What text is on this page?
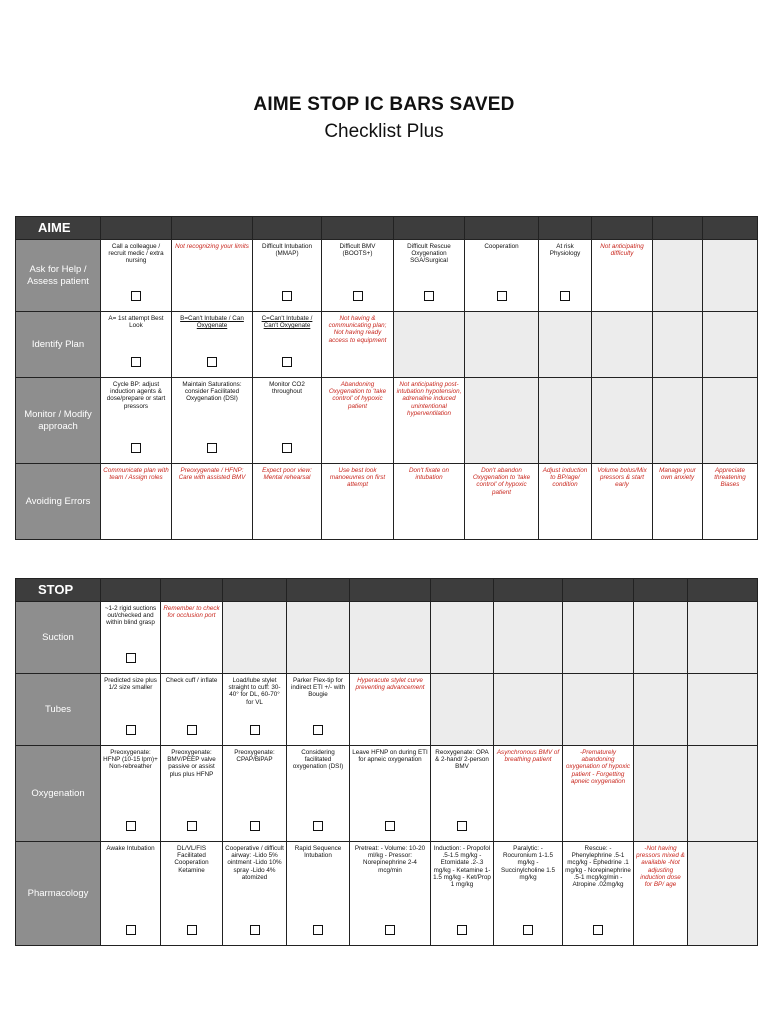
AIME STOP IC BARS SAVED
Checklist Plus
AIME										
Ask for Help / Assess patient	Call a colleague / recruit medic / extra nursing	Not recognizing your limits	Difficult Intubation (MMAP)	Difficult BMV (BOOTS+)	Difficult Rescue Oxygenation SGA/Surgical	Cooperation	At risk Physiology	Not anticipating difficulty		
Identify Plan	A= 1st attempt Best Look	B=Can't Intubate / Can Oxygenate	C=Can't Intubate / Can't Oxygenate	Not having & communicating plan; Not having ready access to equipment						
Monitor / Modify approach	Cycle BP: adjust induction agents & dose/prepare or start pressors	Maintain Saturations: consider Facilitated Oxygenation (DSI)	Monitor CO2 throughout	Abandoning Oxygenation to 'take control' of hypoxic patient	Not anticipating post-intubation hypotension, adrenaline induced unintentional hyperventilation					
Avoiding Errors	Communicate plan with team / Assign roles	Preoxygenate / HFNP: Care with assisted BMV	Expect poor view: Mental rehearsal	Use best look manoeuvres on first attempt	Don't fixate on intubation	Don't abandon Oxygenation to 'take control' of hypoxic patient	Adjust induction to BP/age/ condition	Volume bolus/Mix pressors & start early	Manage your own anxiety	Appreciate threatening Biases
STOP										
Suction	~1-2 rigid suctions out/checked and within blind grasp	Remember to check for occlusion port								
Tubes	Predicted size plus 1/2 size smaller	Check cuff / inflate	Load/lube stylet straight to cuff: 30-40° for DL, 60-70° for VL	Parker Flex-tip for indirect ETI +/- with Bougie	Hyperacute stylet curve preventing advancement					
Oxygenation	Preoxygenate: HFNP (10-15 lpm)+ Non-rebreather	Preoxygenate: BMV/PEEP valve passive or assist plus plus HFNP	Preoxygenate: CPAP/BiPAP	Considering facilitated oxygenation (DSI)	Leave HFNP on during ETI for apneic oxygenation	Reoxygenate: OPA & 2-hand/ 2-person BMV	Asynchronous BMV of breathing patient	-Prematurely abandoning oxygenation of hypoxic patient - Forgetting apneic oxygenation		
Pharmacology	Awake Intubation	DL/VL/FIS Facilitated Cooperation Ketamine	Cooperative / difficult airway: -Lido 5% ointment -Lido 10% spray -Lido 4% atomized	Rapid Sequence Intubation	Pretreat: - Volume: 10-20 ml/kg - Pressor: Norepinephrine 2-4 mcg/min	Induction: - Propofol .5-1.5 mg/kg - Etomidate .2-.3 mg/kg - Ketamine 1-1.5 mg/kg - Ket/Prop 1 mg/kg	Paralytic: - Rocuronium 1-1.5 mg/kg - Succinylcholine 1.5 mg/kg	Rescue: - Phenylephrine .5-1 mcg/kg - Ephedrine .1 mg/kg - Norepinephrine .5-1 mcg/kg/min - Atropine .02mg/kg	-Not having pressors mixed & available -Not adjusting induction dose for BP/ age	
